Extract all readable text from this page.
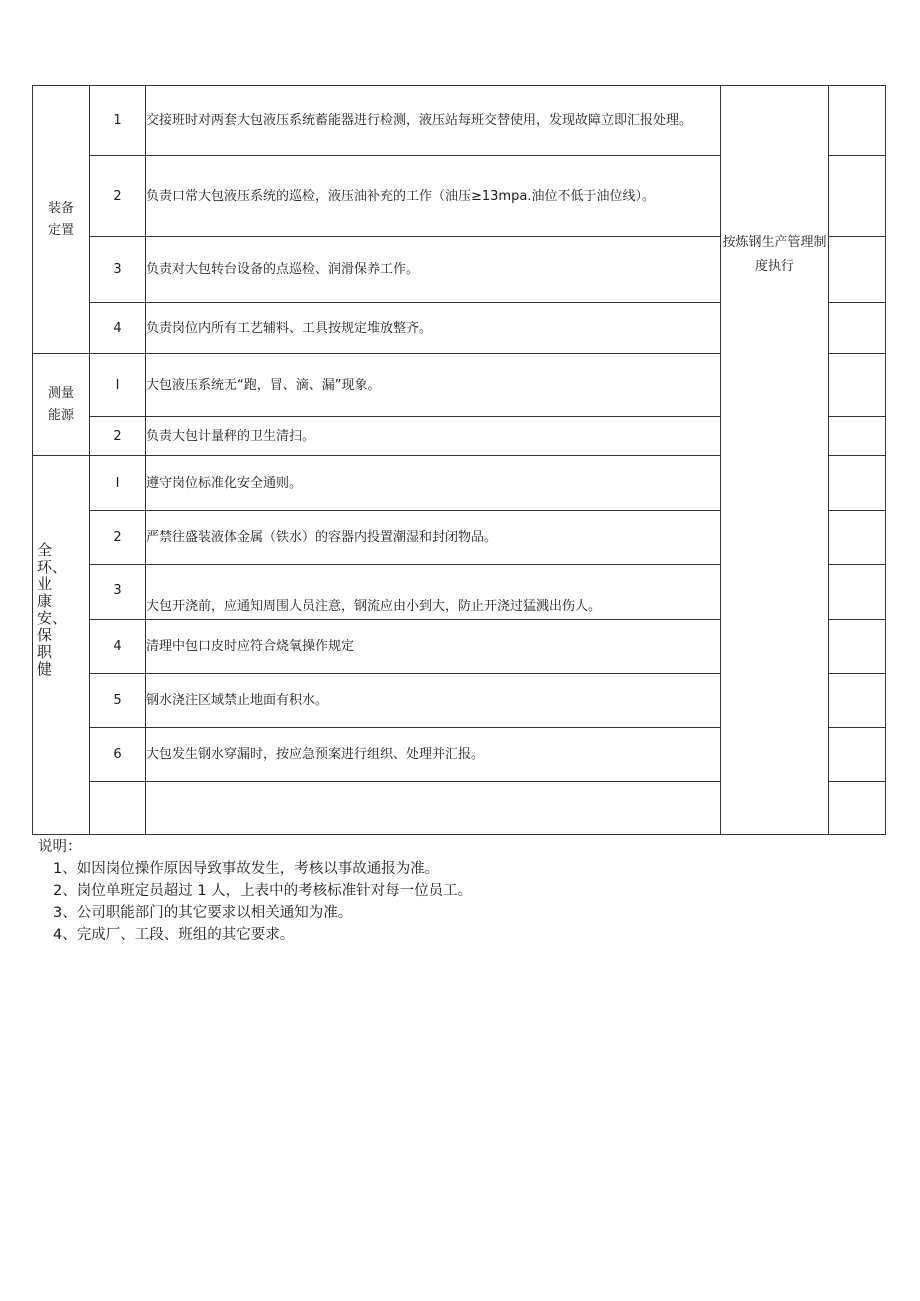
装备定置	1	交接班时对两套大包液压系统蓄能器进行检测，液压站每班交替使用，发现故障立即汇报处理。	按炼钢生产管理制度执行	

	2	负责口常大包液压系统的巡检，液压油补充的工作（油压≥13mpa.油位不低于油位线）。		
	3	负责对大包转台设备的点巡检、润滑保养工作。		
	4	负责岗位内所有工艺辅料、工具按规定堆放整齐。		

测量能源	I	大包液压系统无“跑，冒、滴、漏”现象。		
	2	负责大包计量秤的卫生清扫。		
全环、业康安、保职健	I	遵守岗位标准化安全通则。		
	2	严禁往盛装液体金属（铁水）的容器内投置潮湿和封闭物品。		
	3	大包开浇前，应通知周围人员注意，钢流应由小到大，防止开浇过猛溅出伤人。		
	4	清理中包口皮时应符合烧氧操作规定		
	5	钢水浇注区域禁止地面有积水。		
	6	大包发生钢水穿漏时，按应急预案进行组织、处理并汇报。		

说明：
1、如因岗位操作原因导致事故发生，考核以事故通报为准。
2、岗位单班定员超过 1 人，上表中的考核标准针对每一位员工。
3、公司职能部门的其它要求以相关通知为准。
4、完成厂、工段、班组的其它要求。
